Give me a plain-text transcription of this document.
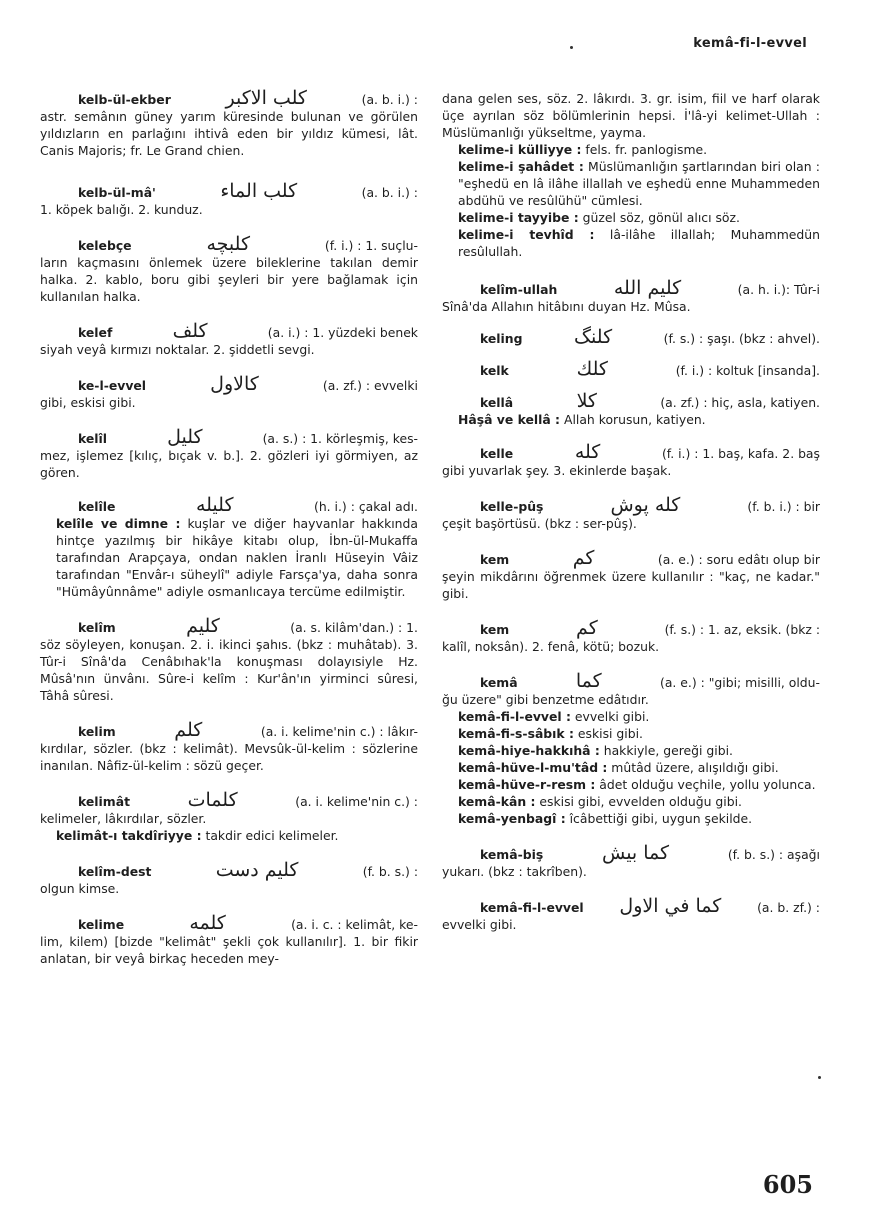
kemâ-fi-l-evvel
kelb-ül-ekber	كلب الاكبر	(a. b. i.) :
astr. semânın güney yarım küresinde bulunan ve görülen yıldızların en parlağını ihtivâ eden bir yıldız kümesi, lât. Canis Majoris; fr. Le Grand chien.
kelb-ül-mâ'	كلب الماء	(a. b. i.) :
1. köpek balığı. 2. kunduz.
kelebçe	كلبچه	(f. i.) : 1. suçlu-
ların kaçmasını önlemek üzere bileklerine takılan demir halka. 2. kablo, boru gibi şeyleri bir yere bağlamak için kullanılan halka.
kelef	كلف	(a. i.) : 1. yüzdeki benek
siyah veyâ kırmızı noktalar. 2. şiddetli sevgi.
ke-l-evvel	كالاول	(a. zf.) : evvelki
gibi, eskisi gibi.
kelîl	كليل	(a. s.) : 1. körleşmiş, kes-
mez, işlemez [kılıç, bıçak v. b.]. 2. gözleri iyi görmiyen, az gören.
kelîle	كليله	(h. i.) : çakal adı.
kelîle ve dimne : kuşlar ve diğer hayvanlar hakkında hintçe yazılmış bir hikâye kitabı olup, İbn-ül-Mukaffa tarafından Arapçaya, ondan naklen İranlı Hüseyin Vâiz tarafından "Envâr-ı süheylî" adiyle Farsça'ya, daha sonra "Hümâyûnnâme" adiyle osmanlıcaya tercüme edilmiştir.
kelîm	كليم	(a. s. kilâm'dan.) : 1.
söz söyleyen, konuşan. 2. i. ikinci şahıs. (bkz : muhâtab). 3. Tûr-i Sînâ'da Cenâbıhak'la konuşması dolayısiyle Hz. Mûsâ'nın ünvânı. Sûre-i kelîm : Kur'ân'ın yirminci sûresi, Tâhâ sûresi.
kelim	كلم	(a. i. kelime'nin c.) : lâkır-
kırdılar, sözler. (bkz : kelimât). Mevsûk-ül-kelim : sözlerine inanılan. Nâfiz-ül-kelim : sözü geçer.
kelimât	كلمات	(a. i. kelime'nin c.) :
kelimeler, lâkırdılar, sözler.
kelimât-ı takdîriyye : takdir edici kelimeler.
kelîm-dest	كليم دست	(f. b. s.) :
olgun kimse.
kelime	كلمه	(a. i. c. : kelimât, ke-
lim, kilem) [bizde "kelimât" şekli çok kullanılır]. 1. bir fikir anlatan, bir veyâ birkaç heceden mey-
dana gelen ses, söz. 2. lâkırdı. 3. gr. isim, fiil ve harf olarak üçe ayrılan söz bölümlerinin hepsi. İ'lâ-yi kelimet-Ullah : Müslümanlığı yükseltme, yayma.
kelime-i külliyye : fels. fr. panlogisme.
kelime-i şahâdet : Müslümanlığın şartlarından biri olan : "eşhedü en lâ ilâhe illallah ve eşhedü enne Muhammeden abdühü ve resûlühü" cümlesi.
kelime-i tayyibe : güzel söz, gönül alıcı söz.
kelime-i tevhîd : lâ-ilâhe illallah; Muhammedün resûlullah.
kelîm-ullah	كليم الله	(a. h. i.): Tûr-i
Sînâ'da Allahın hitâbını duyan Hz. Mûsa.
keling	كلنگ	(f. s.) : şaşı. (bkz : ahvel).
kelk	كلك	(f. i.) : koltuk [insanda].
kellâ	كلا	(a. zf.) : hiç, asla, katiyen.
Hâşâ ve kellâ : Allah korusun, katiyen.
kelle	كله	(f. i.) : 1. baş, kafa. 2. baş
gibi yuvarlak şey. 3. ekinlerde başak.
kelle-pûş	كله پوش	(f. b. i.) : bir
çeşit başörtüsü. (bkz : ser-pûş).
kem	كم	(a. e.) : soru edâtı olup bir
şeyin mikdârını öğrenmek üzere kullanılır : "kaç, ne kadar." gibi.
kem	كم	(f. s.) : 1. az, eksik. (bkz :
kalîl, noksân). 2. fenâ, kötü; bozuk.
kemâ	كما	(a. e.) : "gibi; misilli, oldu-
ğu üzere" gibi benzetme edâtıdır.
kemâ-fi-l-evvel : evvelki gibi.
kemâ-fi-s-sâbık : eskisi gibi.
kemâ-hiye-hakkıhâ : hakkiyle, gereği gibi.
kemâ-hüve-l-mu'tâd : mûtâd üzere, alışıldığı gibi.
kemâ-hüve-r-resm : âdet olduğu veçhile, yollu yolunca.
kemâ-kân : eskisi gibi, evvelden olduğu gibi.
kemâ-yenbagî : îcâbettiği gibi, uygun şekilde.
kemâ-biş	كما بيش	(f. b. s.) : aşağı
yukarı. (bkz : takrîben).
kemâ-fi-l-evvel كما في الاول	(a. b. zf.) :
evvelki gibi.
605
